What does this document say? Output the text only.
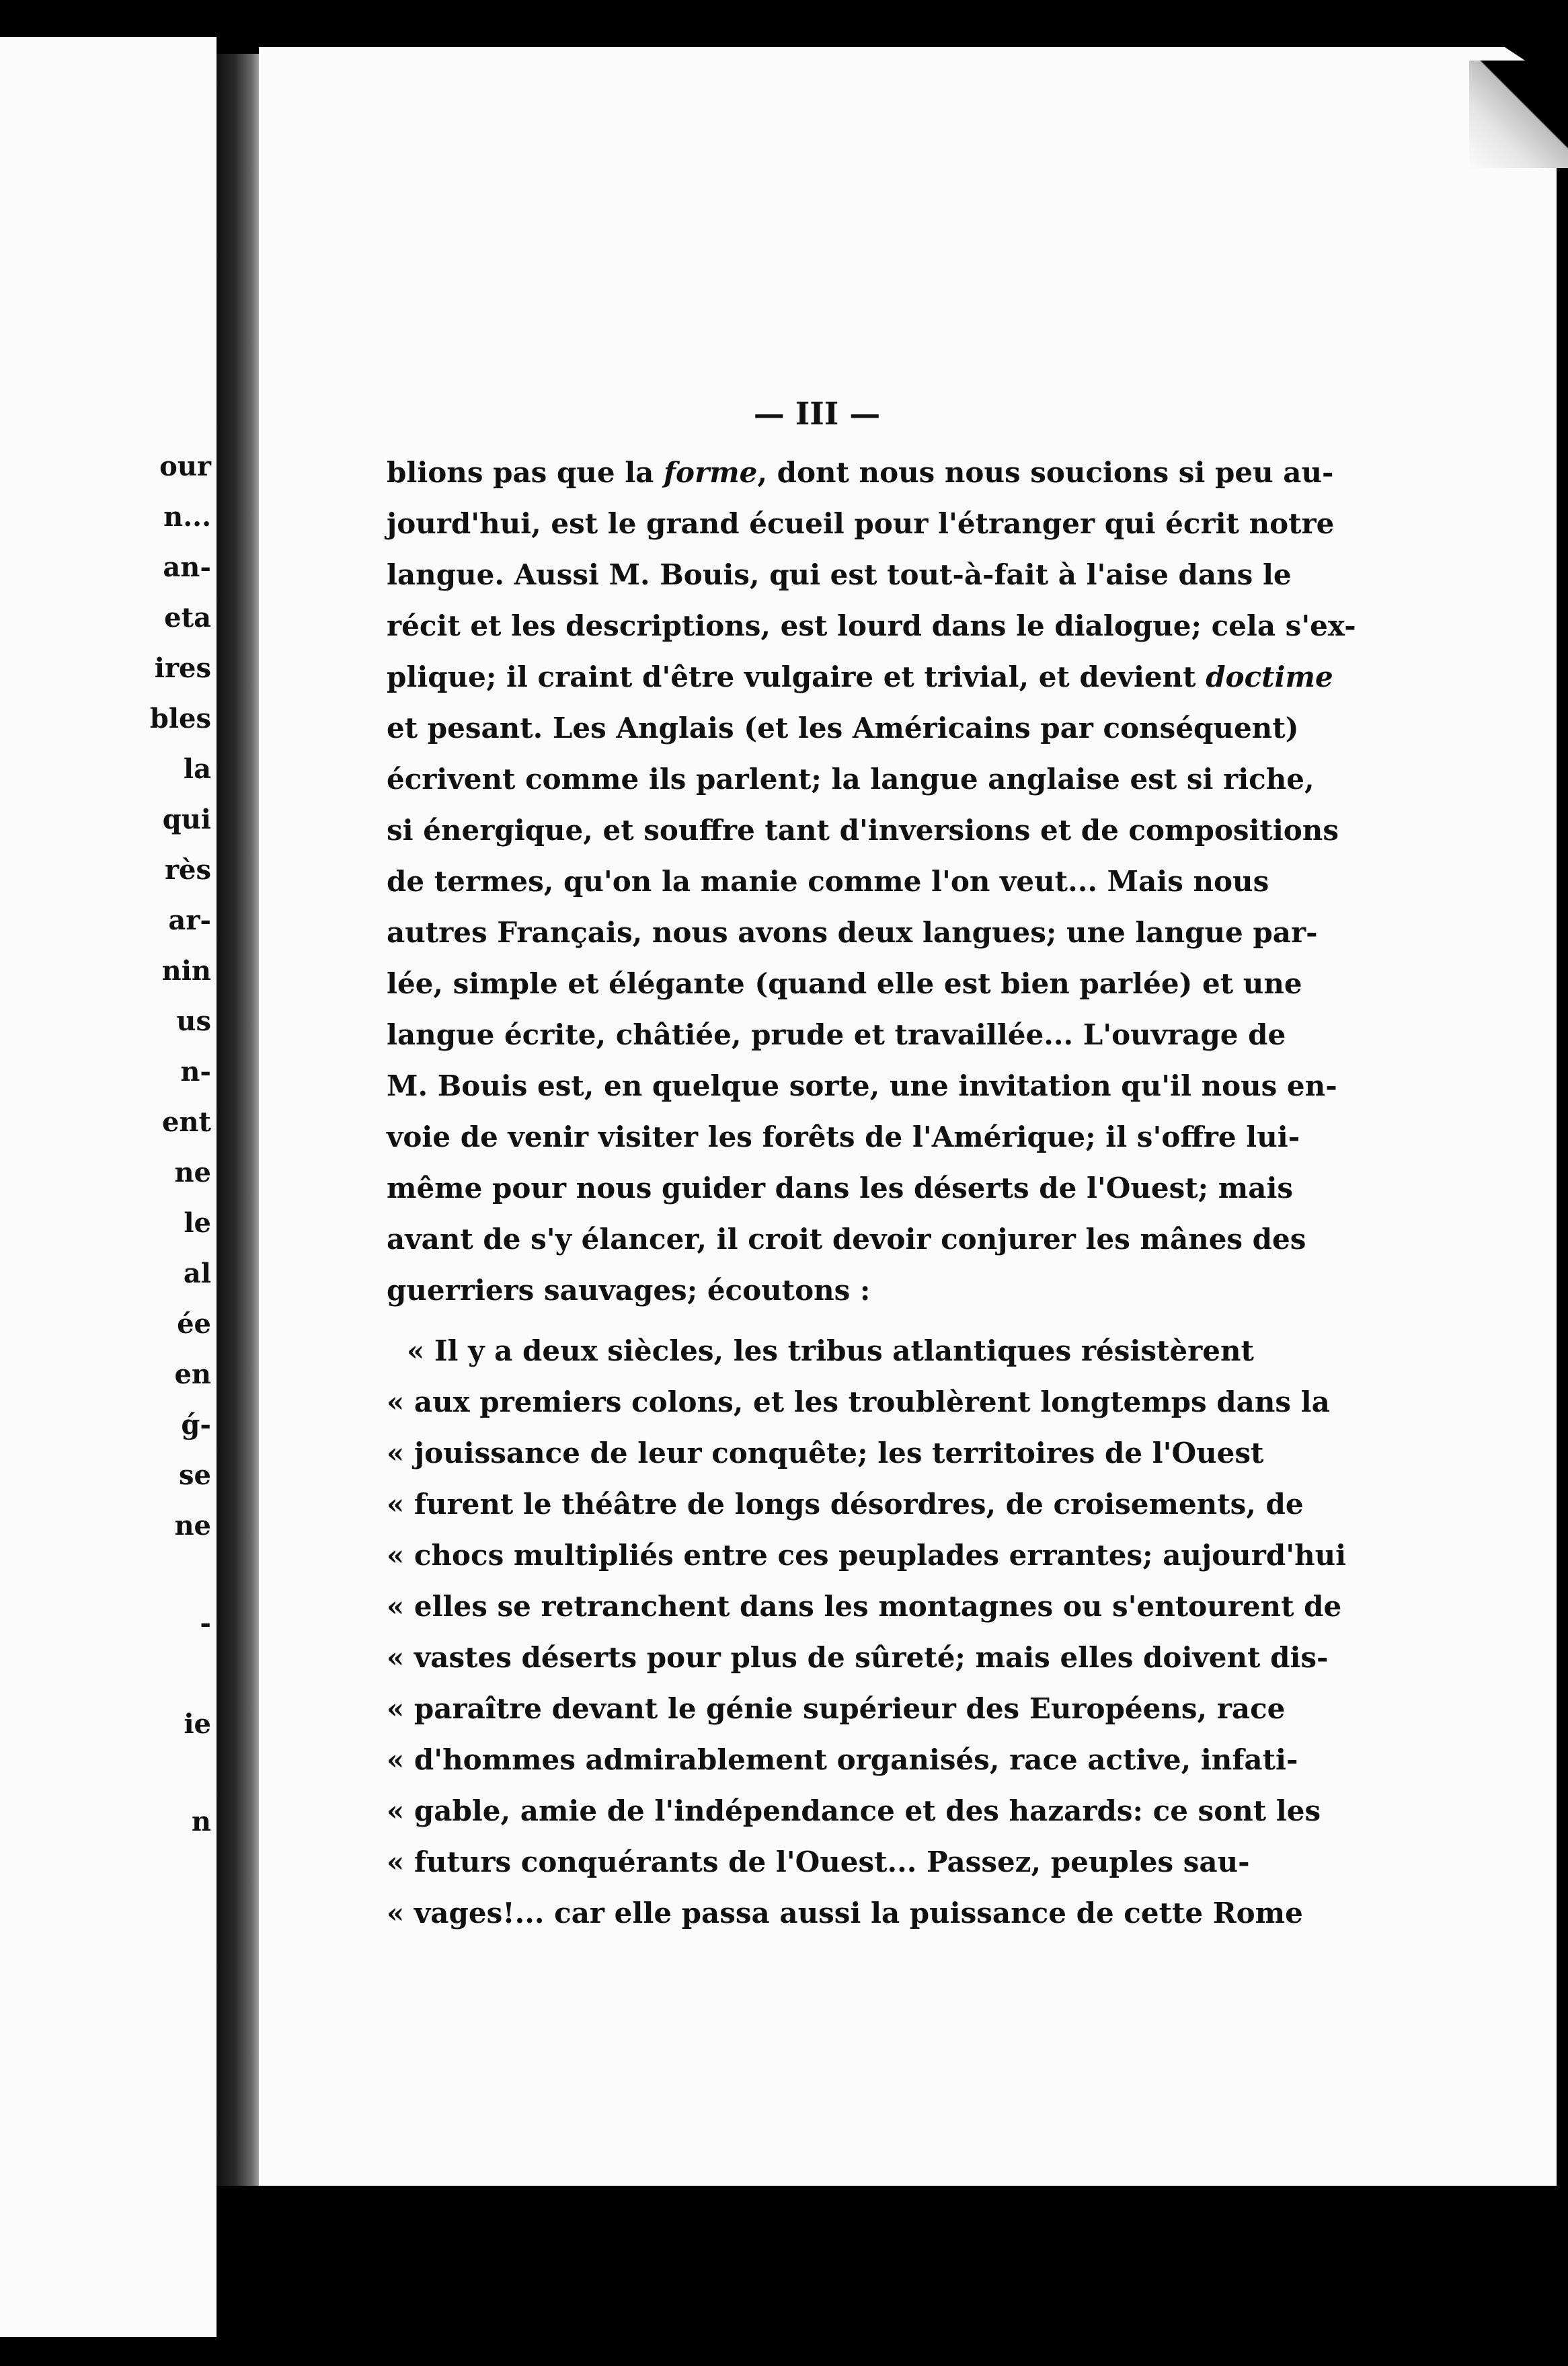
our
n...
an-
eta
ires
bles
la
qui
rès
ar-
nin
us
n-
ent
ne
le
al
ée
en
ǵ-
se
ne
-
ie
n
— III —
blions pas que la forme, dont nous nous soucions si peu au-
jourd'hui, est le grand écueil pour l'étranger qui écrit notre
langue. Aussi M. Bouis, qui est tout-à-fait à l'aise dans le
récit et les descriptions, est lourd dans le dialogue; cela s'ex-
plique; il craint d'être vulgaire et trivial, et devient doctime
et pesant. Les Anglais (et les Américains par conséquent)
écrivent comme ils parlent; la langue anglaise est si riche,
si énergique, et souffre tant d'inversions et de compositions
de termes, qu'on la manie comme l'on veut... Mais nous
autres Français, nous avons deux langues; une langue par-
lée, simple et élégante (quand elle est bien parlée) et une
langue écrite, châtiée, prude et travaillée... L'ouvrage de
M. Bouis est, en quelque sorte, une invitation qu'il nous en-
voie de venir visiter les forêts de l'Amérique; il s'offre lui-
même pour nous guider dans les déserts de l'Ouest; mais
avant de s'y élancer, il croit devoir conjurer les mânes des
guerriers sauvages; écoutons :
« Il y a deux siècles, les tribus atlantiques résistèrent
« aux premiers colons, et les troublèrent longtemps dans la
« jouissance de leur conquête; les territoires de l'Ouest
« furent le théâtre de longs désordres, de croisements, de
« chocs multipliés entre ces peuplades errantes; aujourd'hui
« elles se retranchent dans les montagnes ou s'entourent de
« vastes déserts pour plus de sûreté; mais elles doivent dis-
« paraître devant le génie supérieur des Européens, race
« d'hommes admirablement organisés, race active, infati-
« gable, amie de l'indépendance et des hazards: ce sont les
« futurs conquérants de l'Ouest... Passez, peuples sau-
« vages!... car elle passa aussi la puissance de cette Rome
